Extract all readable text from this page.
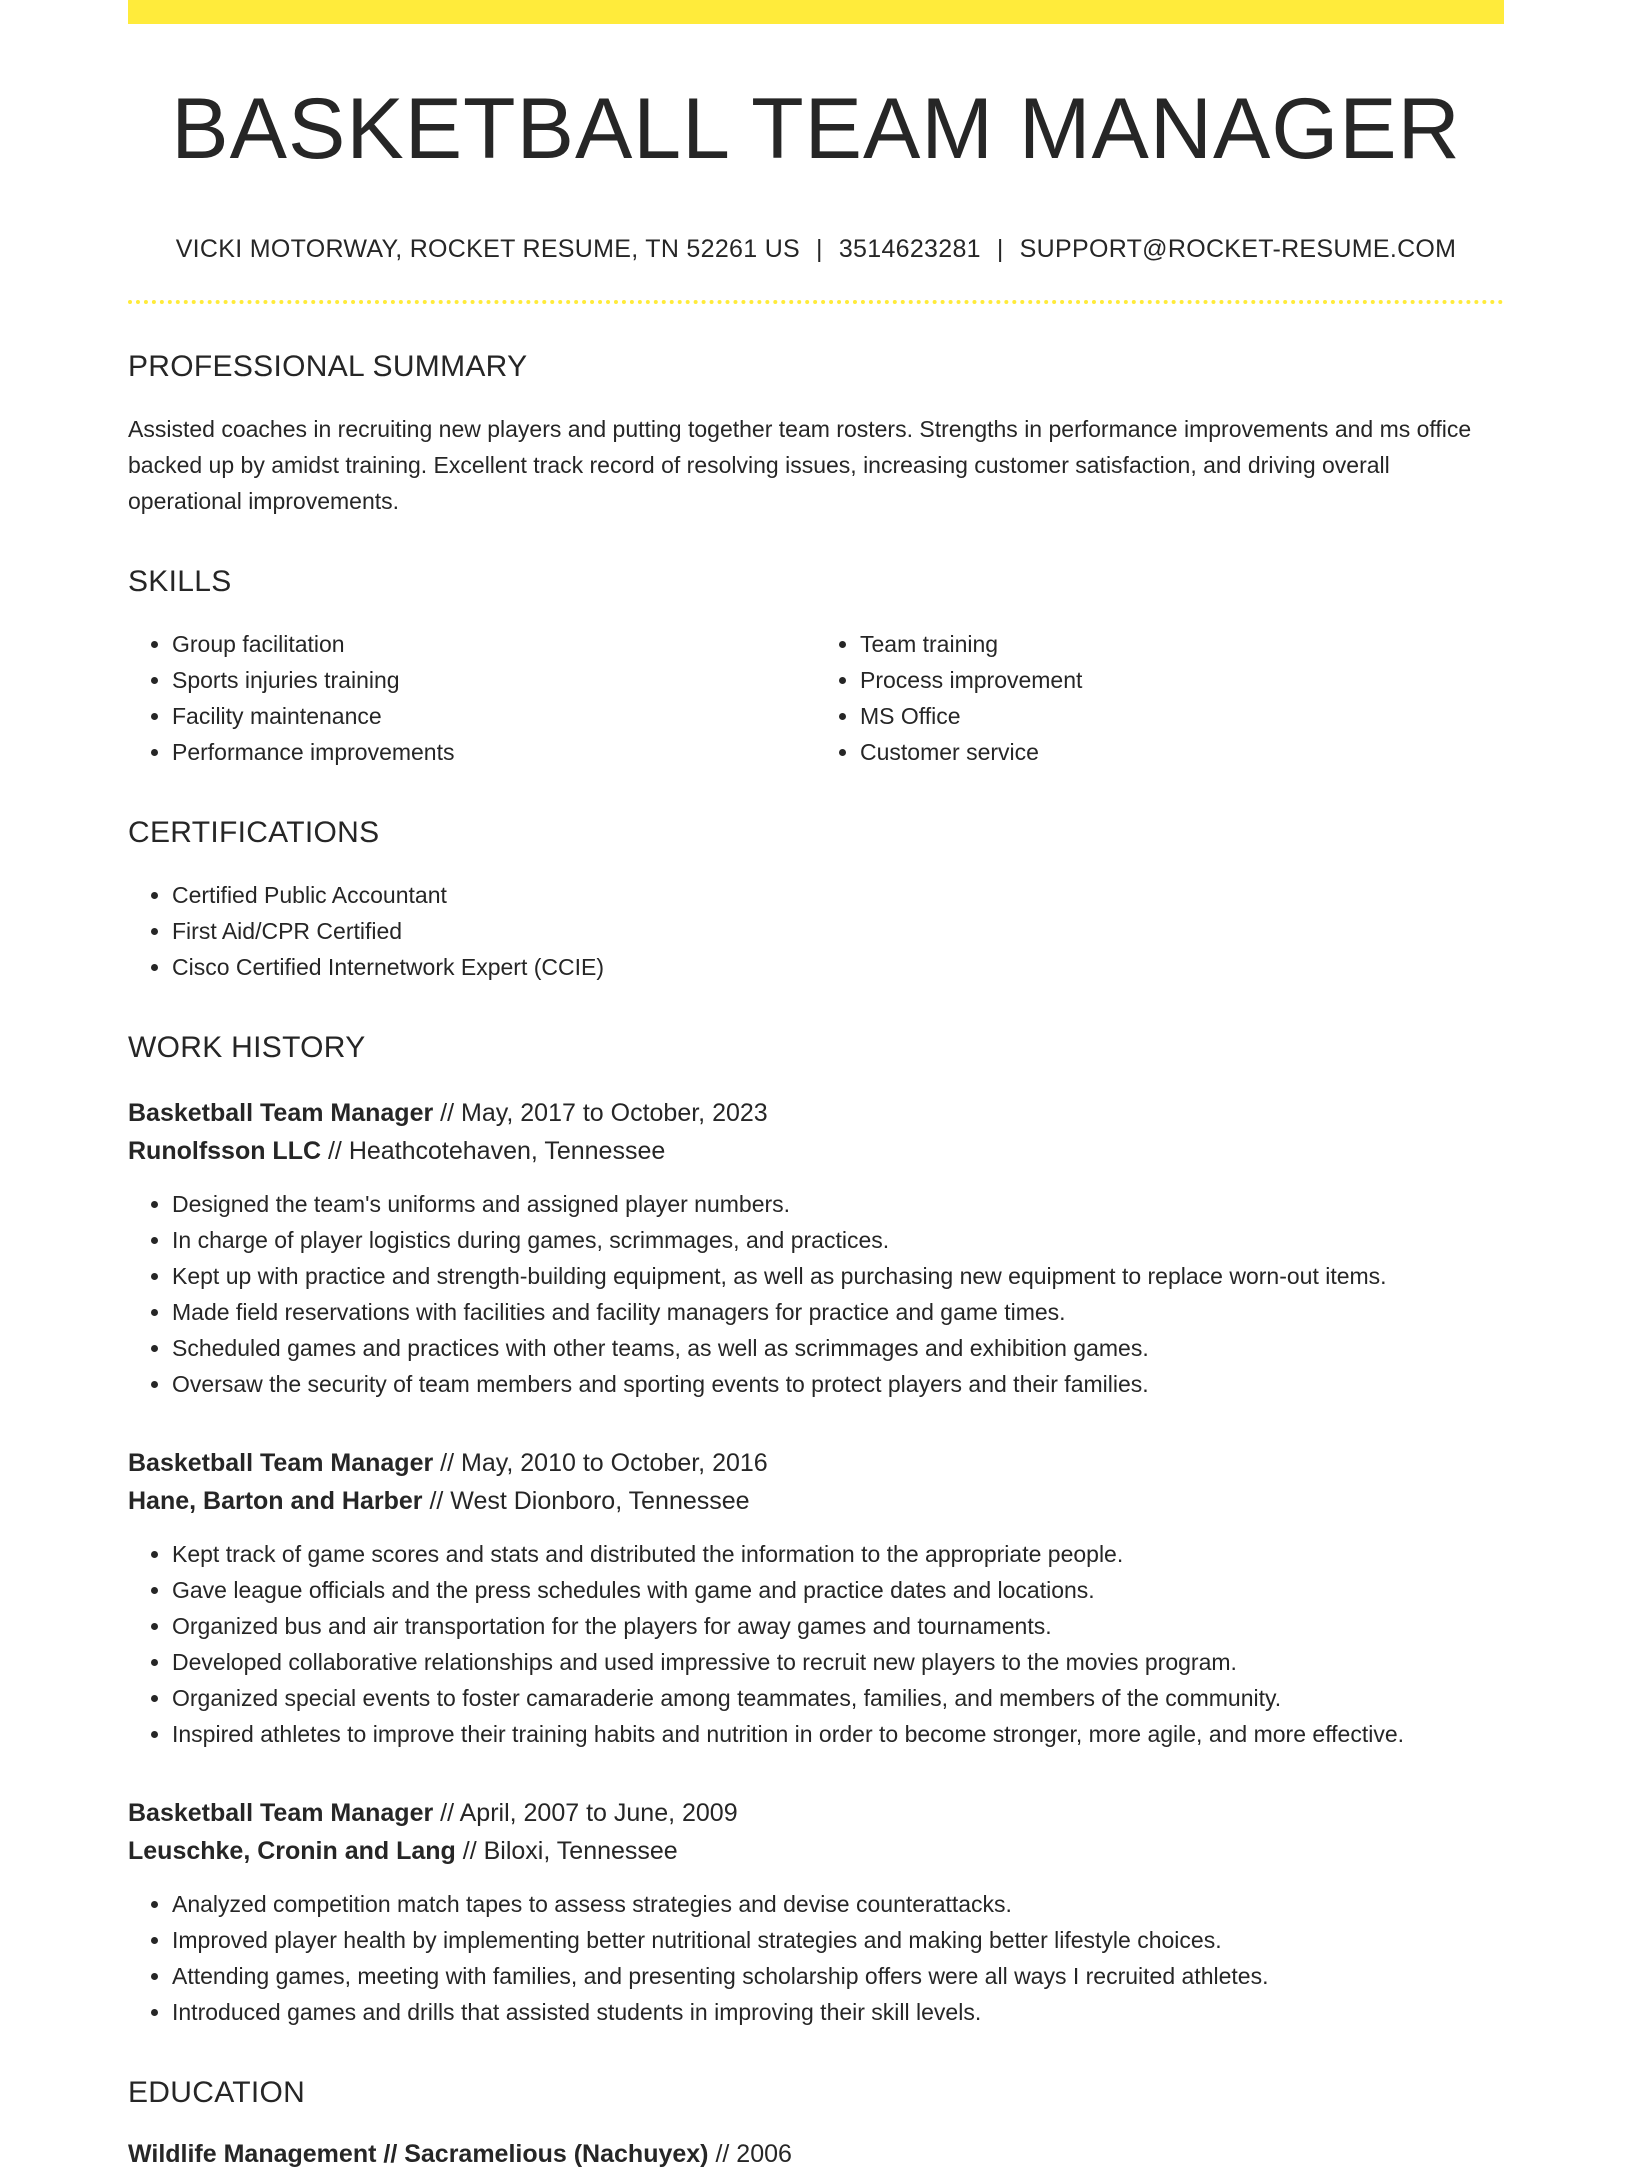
BASKETBALL TEAM MANAGER
VICKI MOTORWAY, ROCKET RESUME, TN 52261 US | 3514623281 | SUPPORT@ROCKET-RESUME.COM
PROFESSIONAL SUMMARY

Assisted coaches in recruiting new players and putting together team rosters. Strengths in performance improvements and ms office backed up by amidst training. Excellent track record of resolving issues, increasing customer satisfaction, and driving overall operational improvements.

SKILLS
• Group facilitation
• Sports injuries training
• Facility maintenance
• Performance improvements
• Team training
• Process improvement
• MS Office
• Customer service
CERTIFICATIONS
• Certified Public Accountant
• First Aid/CPR Certified
• Cisco Certified Internetwork Expert (CCIE)
WORK HISTORY
Basketball Team Manager // May, 2017 to October, 2023
Runolfsson LLC // Heathcotehaven, Tennessee
• Designed the team's uniforms and assigned player numbers.
• In charge of player logistics during games, scrimmages, and practices.
• Kept up with practice and strength-building equipment, as well as purchasing new equipment to replace worn-out items.
• Made field reservations with facilities and facility managers for practice and game times.
• Scheduled games and practices with other teams, as well as scrimmages and exhibition games.
• Oversaw the security of team members and sporting events to protect players and their families.
Basketball Team Manager // May, 2010 to October, 2016
Hane, Barton and Harber // West Dionboro, Tennessee
• Kept track of game scores and stats and distributed the information to the appropriate people.
• Gave league officials and the press schedules with game and practice dates and locations.
• Organized bus and air transportation for the players for away games and tournaments.
• Developed collaborative relationships and used impressive to recruit new players to the movies program.
• Organized special events to foster camaraderie among teammates, families, and members of the community.
• Inspired athletes to improve their training habits and nutrition in order to become stronger, more agile, and more effective.
Basketball Team Manager // April, 2007 to June, 2009
Leuschke, Cronin and Lang // Biloxi, Tennessee
• Analyzed competition match tapes to assess strategies and devise counterattacks.
• Improved player health by implementing better nutritional strategies and making better lifestyle choices.
• Attending games, meeting with families, and presenting scholarship offers were all ways I recruited athletes.
• Introduced games and drills that assisted students in improving their skill levels.
EDUCATION
Wildlife Management // Sacramelious (Nachuyex) // 2006
